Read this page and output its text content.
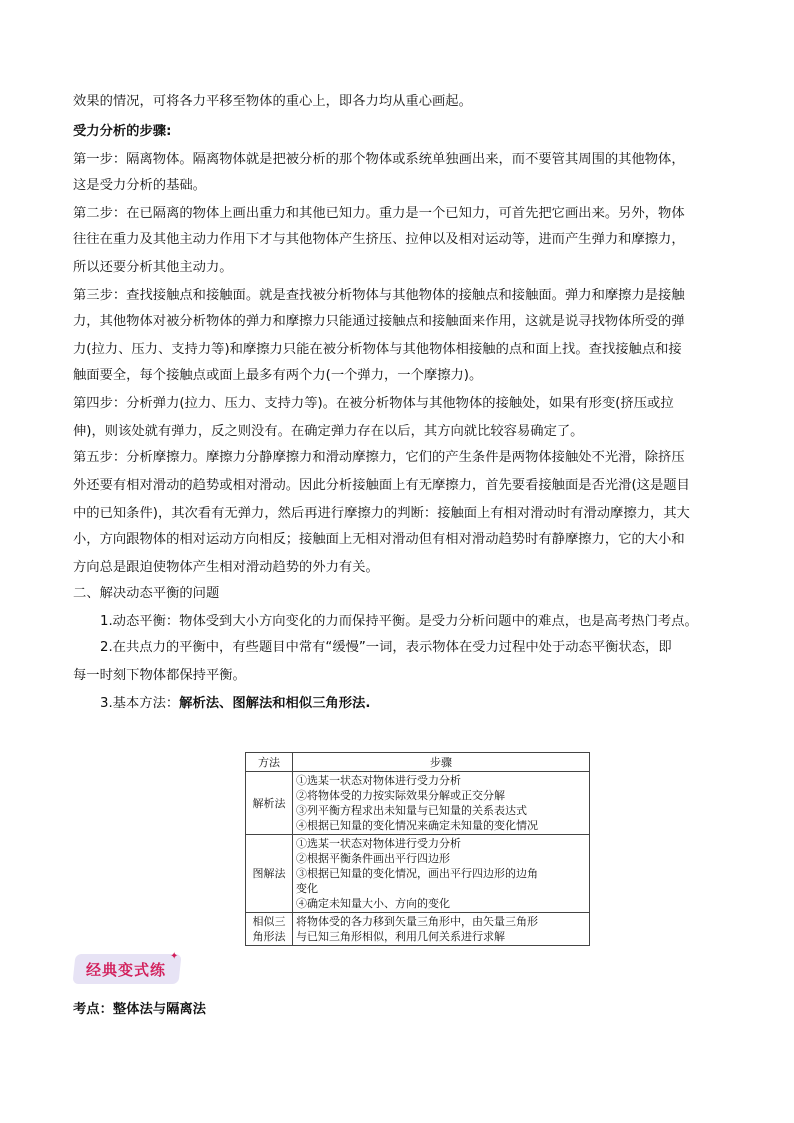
效果的情况，可将各力平移至物体的重心上，即各力均从重心画起。
受力分析的步骤:
第一步：隔离物体。隔离物体就是把被分析的那个物体或系统单独画出来，而不要管其周围的其他物体，
这是受力分析的基础。
第二步：在已隔离的物体上画出重力和其他已知力。重力是一个已知力，可首先把它画出来。另外，物体
往往在重力及其他主动力作用下才与其他物体产生挤压、拉伸以及相对运动等，进而产生弹力和摩擦力，
所以还要分析其他主动力。
第三步：查找接触点和接触面。就是查找被分析物体与其他物体的接触点和接触面。弹力和摩擦力是接触
力，其他物体对被分析物体的弹力和摩擦力只能通过接触点和接触面来作用，这就是说寻找物体所受的弹
力(拉力、压力、支持力等)和摩擦力只能在被分析物体与其他物体相接触的点和面上找。查找接触点和接
触面要全，每个接触点或面上最多有两个力(一个弹力，一个摩擦力)。
第四步：分析弹力(拉力、压力、支持力等)。在被分析物体与其他物体的接触处，如果有形变(挤压或拉
伸)，则该处就有弹力，反之则没有。在确定弹力存在以后，其方向就比较容易确定了。
第五步：分析摩擦力。摩擦力分静摩擦力和滑动摩擦力，它们的产生条件是两物体接触处不光滑，除挤压
外还要有相对滑动的趋势或相对滑动。因此分析接触面上有无摩擦力，首先要看接触面是否光滑(这是题目
中的已知条件)，其次看有无弹力，然后再进行摩擦力的判断：接触面上有相对滑动时有滑动摩擦力，其大
小，方向跟物体的相对运动方向相反；接触面上无相对滑动但有相对滑动趋势时有静摩擦力，它的大小和
方向总是跟迫使物体产生相对滑动趋势的外力有关。
二、解决动态平衡的问题
1.动态平衡：物体受到大小方向变化的力而保持平衡。是受力分析问题中的难点，也是高考热门考点。
2.在共点力的平衡中，有些题目中常有“缓慢”一词，表示物体在受力过程中处于动态平衡状态，即
每一时刻下物体都保持平衡。
3.基本方法：解析法、图解法和相似三角形法.
方法	步骤
解析法	①选某一状态对物体进行受力分析
②将物体受的力按实际效果分解或正交分解
③列平衡方程求出未知量与已知量的关系表达式
④根据已知量的变化情况来确定未知量的变化情况

图解法	①选某一状态对物体进行受力分析
②根据平衡条件画出平行四边形
③根据已知量的变化情况，画出平行四边形的边角
变化
④确定未知量大小、方向的变化

相似三
角形法	将物体受的各力移到矢量三角形中，由矢量三角形
与已知三角形相似，利用几何关系进行求解
经典变式练
✦
考点：整体法与隔离法
